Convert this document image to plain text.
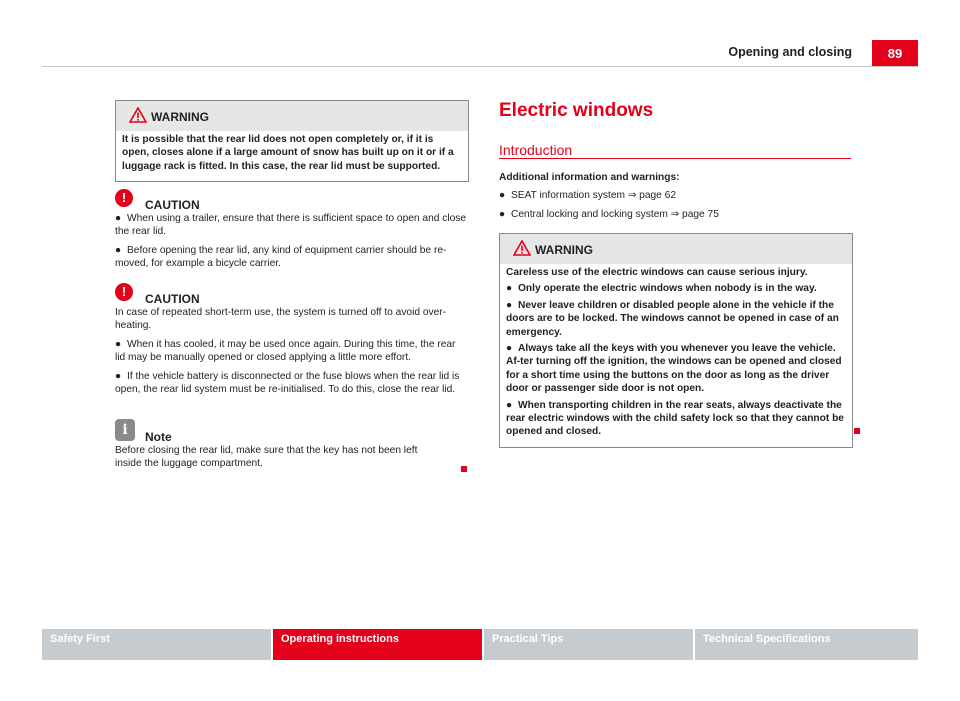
Opening and closing	89
WARNING

It is possible that the rear lid does not open completely or, if it is open, closes alone if a large amount of snow has built up on it or if a luggage rack is fitted. In this case, the rear lid must be supported.

!	CAUTION

● When using a trailer, ensure that there is sufficient space to open and close the rear lid.

● Before opening the rear lid, any kind of equipment carrier should be re-moved, for example a bicycle carrier.

!	CAUTION

In case of repeated short-term use, the system is turned off to avoid over-heating.

● When it has cooled, it may be used once again. During this time, the rear lid may be manually opened or closed applying a little more effort.

● If the vehicle battery is disconnected or the fuse blows when the rear lid is open, the rear lid system must be re-initialised. To do this, close the rear lid.

i	Note

Before closing the rear lid, make sure that the key has not been left inside the luggage compartment.

Electric windows
Introduction

Additional information and warnings:

● SEAT information system ⇒ page 62

● Central locking and locking system ⇒ page 75

WARNING

Careless use of the electric windows can cause serious injury.

● Only operate the electric windows when nobody is in the way.

● Never leave children or disabled people alone in the vehicle if the doors are to be locked. The windows cannot be opened in case of an emergency.

● Always take all the keys with you whenever you leave the vehicle. Af-ter turning off the ignition, the windows can be opened and closed for a short time using the buttons on the door as long as the driver door or passenger side door is not open.

● When transporting children in the rear seats, always deactivate the rear electric windows with the child safety lock so that they cannot be opened and closed.

Safety First	Operating instructions	Practical Tips	Technical Specifications
